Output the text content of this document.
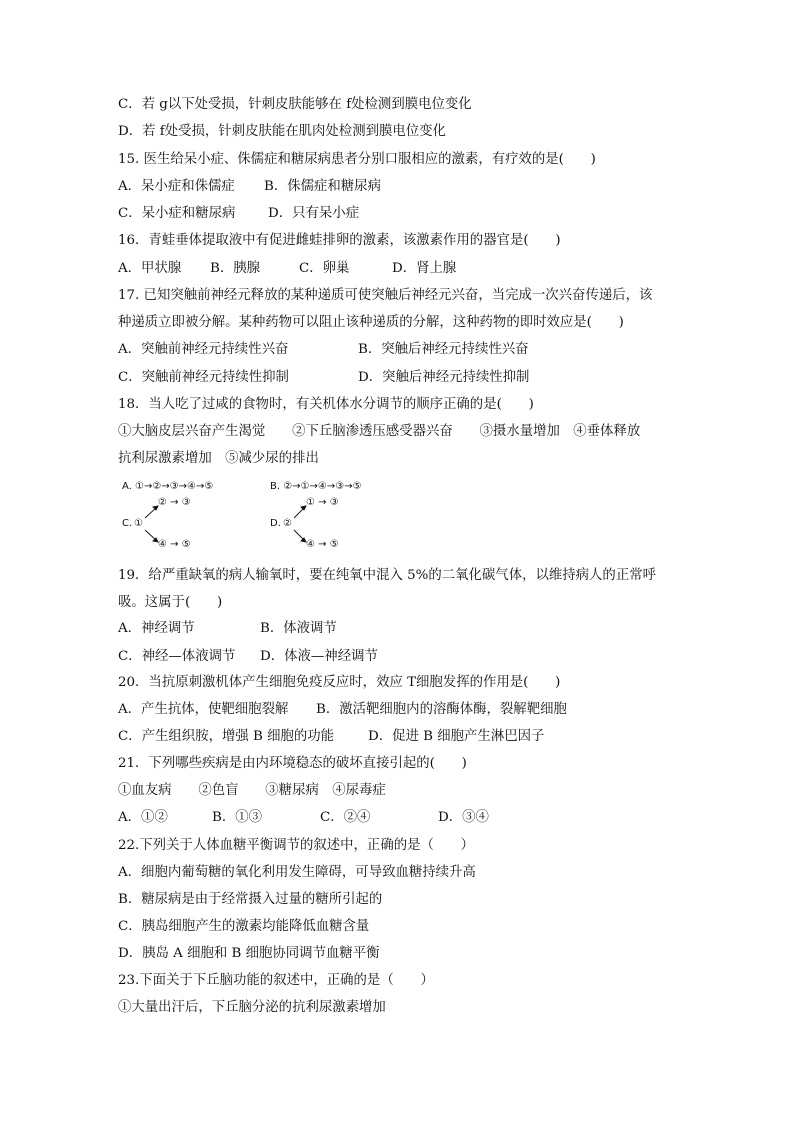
C．若 g以下处受损，针刺皮肤能够在 f处检测到膜电位变化
D．若 f处受损，针刺皮肤能在肌肉处检测到膜电位变化
15. 医生给呆小症、侏儒症和糖尿病患者分别口服相应的激素，有疗效的是(　　)
A．呆小症和侏儒症 B．侏儒症和糖尿病
C．呆小症和糖尿病 D．只有呆小症
16．青蛙垂体提取液中有促进雌蛙排卵的激素，该激素作用的器官是(　　)
A．甲状腺 B．胰腺	C．卵巢	D．肾上腺
17. 已知突触前神经元释放的某种递质可使突触后神经元兴奋，当完成一次兴奋传递后，该
种递质立即被分解。某种药物可以阻止该种递质的分解，这种药物的即时效应是(　　)
A．突触前神经元持续性兴奋	B．突触后神经元持续性兴奋
C．突触前神经元持续性抑制	D．突触后神经元持续性抑制
18．当人吃了过咸的食物时，有关机体水分调节的顺序正确的是(　　)
①大脑皮层兴奋产生渴觉　　②下丘脑渗透压感受器兴奋　　③摄水量增加　④垂体释放
抗利尿激素增加　⑤减少尿的排出
A. ①→②→③→④→⑤	B. ②→①→④→③→⑤
② → ③
C. ①
④ → ⑤
① → ③
D. ②
④ → ⑤
19．给严重缺氧的病人输氧时，要在纯氧中混入 5%的二氧化碳气体，以维持病人的正常呼
吸。这属于(　　)
A．神经调节	B．体液调节
C．神经—体液调节 D．体液—神经调节
20．当抗原刺激机体产生细胞免疫反应时，效应 T细胞发挥的作用是(　　)
A．产生抗体，使靶细胞裂解 B．激活靶细胞内的溶酶体酶，裂解靶细胞
C．产生组织胺，增强 B 细胞的功能	D．促进 B 细胞产生淋巴因子
21．下列哪些疾病是由内环境稳态的破坏直接引起的(　　)
①血友病　　②色盲　　③糖尿病　④尿毒症
A．①②	B．①③	C．②④	D．③④
22.下列关于人体血糖平衡调节的叙述中，正确的是（　　）
A．细胞内葡萄糖的氧化利用发生障碍，可导致血糖持续升高
B．糖尿病是由于经常摄入过量的糖所引起的
C．胰岛细胞产生的激素均能降低血糖含量
D．胰岛 A 细胞和 B 细胞协同调节血糖平衡
23.下面关于下丘脑功能的叙述中，正确的是（　　）
①大量出汗后，下丘脑分泌的抗利尿激素增加
